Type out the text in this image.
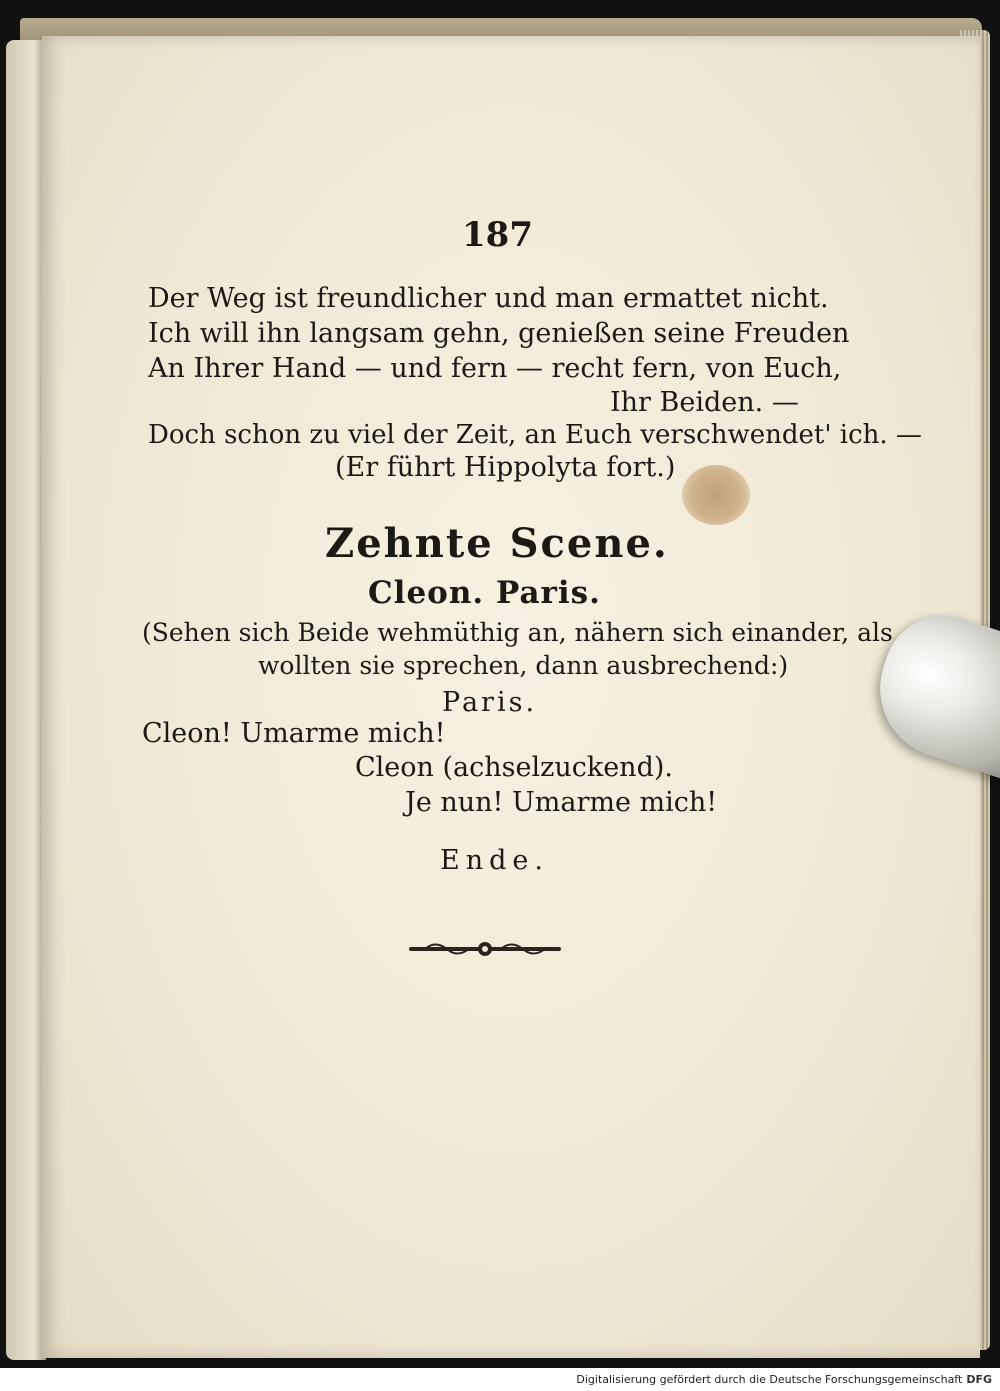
187
Der Weg ist freundlicher und man ermattet nicht.
Ich will ihn langsam gehn, genießen seine Freuden
An Ihrer Hand — und fern — recht fern, von Euch,
Ihr Beiden. —
Doch schon zu viel der Zeit, an Euch verschwendet' ich. —
(Er führt Hippolyta fort.)
Zehnte Scene.
Cleon. Paris.
(Sehen sich Beide wehmüthig an, nähern sich einander, als
wollten sie sprechen, dann ausbrechend:)
Paris.
Cleon! Umarme mich!
Cleon (achselzuckend).
Je nun! Umarme mich!
Ende.
Digitalisierung gefördert durch die Deutsche Forschungsgemeinschaft DFG
